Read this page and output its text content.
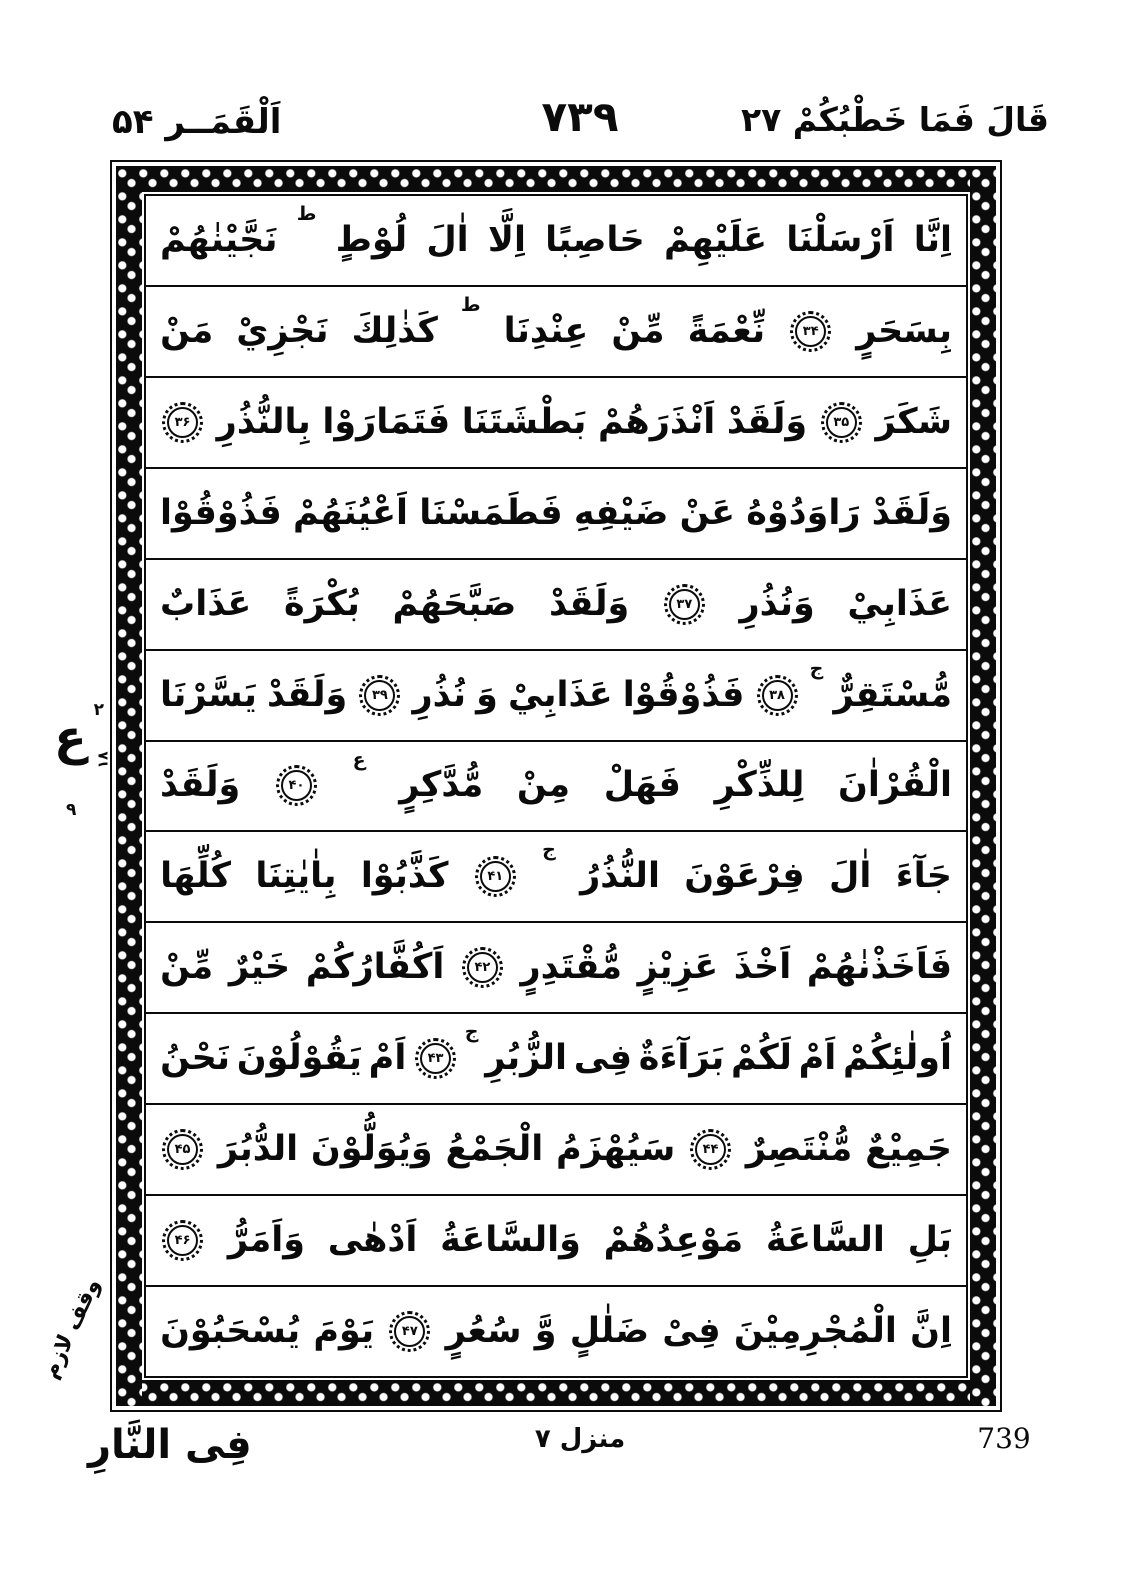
اَلْقَمَــر ۵۴	۷۳۹	قَالَ فَمَا خَطْبُكُمْ ۲۷
اِنَّا
اَرْسَلْنَا
عَلَيْهِمْ
حَاصِبًا
اِلَّا
اٰلَ
لُوْطٍ
ط
نَجَّيْنٰهُمْ
بِسَحَرٍ
۳۴
نِّعْمَةً
مِّنْ
عِنْدِنَا
ط
كَذٰلِكَ
نَجْزِيْ
مَنْ
شَكَرَ
۳۵
وَلَقَدْ
اَنْذَرَهُمْ
بَطْشَتَنَا
فَتَمَارَوْا
بِالنُّذُرِ
۳۶
وَلَقَدْ
رَاوَدُوْهُ
عَنْ
ضَيْفِهِ
فَطَمَسْنَا
اَعْيُنَهُمْ
فَذُوْقُوْا
عَذَابِيْ
وَنُذُرِ
۳۷
وَلَقَدْ
صَبَّحَهُمْ
بُكْرَةً
عَذَابٌ
مُّسْتَقِرٌّ
ج
۳۸
فَذُوْقُوْا
عَذَابِيْ
وَ
نُذُرِ
۳۹
وَلَقَدْ
يَسَّرْنَا
الْقُرْاٰنَ
لِلذِّكْرِ
فَهَلْ
مِنْ
مُّدَّكِرٍ
ع
۴۰
وَلَقَدْ
جَآءَ
اٰلَ
فِرْعَوْنَ
النُّذُرُ
ج
۴۱
كَذَّبُوْا
بِاٰيٰتِنَا
كُلِّهَا
فَاَخَذْنٰهُمْ
اَخْذَ
عَزِيْزٍ
مُّقْتَدِرٍ
۴۲
اَكُفَّارُكُمْ
خَيْرٌ
مِّنْ
اُولٰئِكُمْ
اَمْ
لَكُمْ
بَرَآءَةٌ
فِى
الزُّبُرِ
ج
۴۳
اَمْ
يَقُوْلُوْنَ
نَحْنُ
جَمِيْعٌ
مُّنْتَصِرٌ
۴۴
سَيُهْزَمُ
الْجَمْعُ
وَيُوَلُّوْنَ
الدُّبُرَ
۴۵
بَلِ
السَّاعَةُ
مَوْعِدُهُمْ
وَالسَّاعَةُ
اَدْهٰى
وَاَمَرُّ
۴۶
اِنَّ
الْمُجْرِمِيْنَ
فِىْ
ضَلٰلٍ
وَّ
سُعُرٍ
۴۷
يَوْمَ
يُسْحَبُوْنَ
۲
ع ۱۸
۹
وقف لازم
فِى النَّارِ	منزل ۷	739
